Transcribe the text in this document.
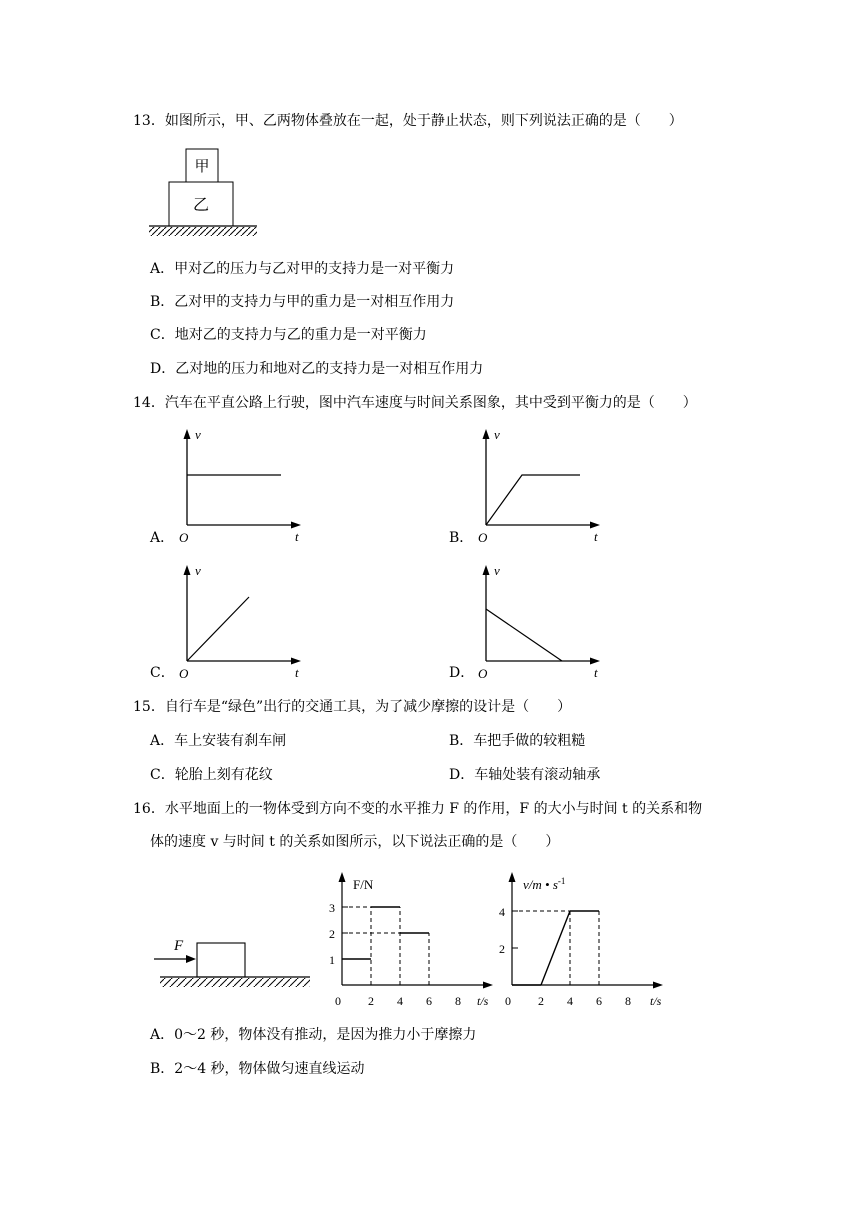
13．如图所示，甲、乙两物体叠放在一起，处于静止状态，则下列说法正确的是（　　）
甲
乙
A．甲对乙的压力与乙对甲的支持力是一对平衡力
B．乙对甲的支持力与甲的重力是一对相互作用力
C．地对乙的支持力与乙的重力是一对平衡力
D．乙对地的压力和地对乙的支持力是一对相互作用力
14．汽车在平直公路上行驶，图中汽车速度与时间关系图象，其中受到平衡力的是（　　）
A．
v
t
O	B．
v
t
O
C．
v
t
O	D．
v
t
O
15．自行车是“绿色”出行的交通工具，为了减少摩擦的设计是（　　）
A．车上安装有刹车闸	B．车把手做的较粗糙
C．轮胎上刻有花纹	D．车轴处装有滚动轴承
16．水平地面上的一物体受到方向不变的水平推力 F 的作用，F 的大小与时间 t 的关系和物
体的速度 v 与时间 t 的关系如图所示，以下说法正确的是（　　）
F
0 2 4 6 8
1
2
3
F/N
t/s 0 2 4 6 8
2
4
v/m • $s^{-1}$
t/s
A．0～2 秒，物体没有推动，是因为推力小于摩擦力
B．2～4 秒，物体做匀速直线运动
